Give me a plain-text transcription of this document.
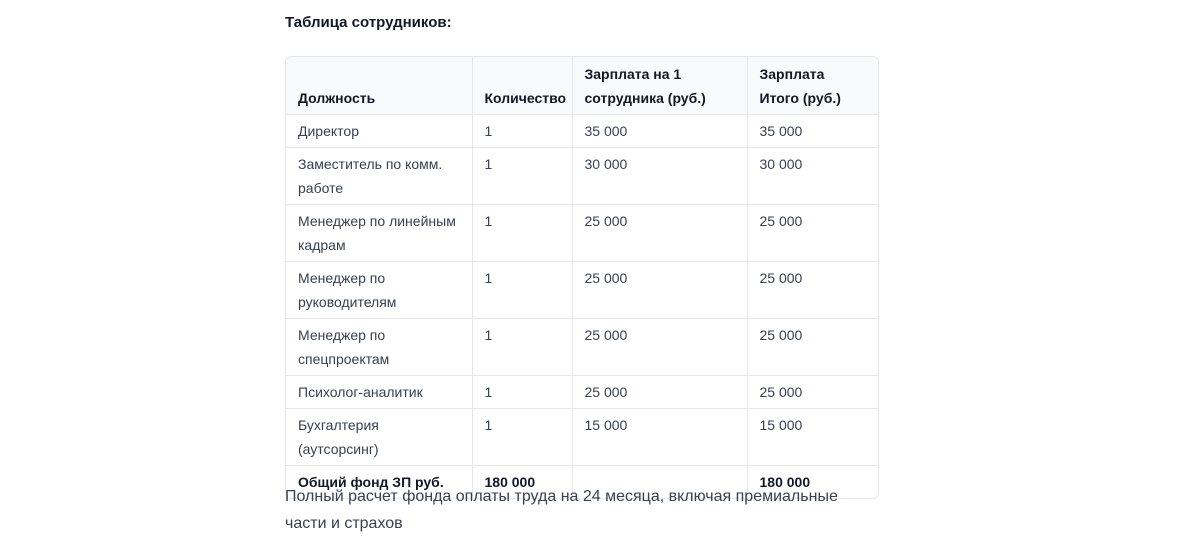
Таблица сотрудников:
Должность	Количество	Зарплата на 1 сотрудника (руб.)	Зарплата Итого (руб.)
Директор	1	35 000	35 000
Заместитель по комм. работе	1	30 000	30 000
Менеджер по линейным кадрам	1	25 000	25 000
Менеджер по руководителям	1	25 000	25 000
Менеджер по спецпроектам	1	25 000	25 000
Психолог-аналитик	1	25 000	25 000
Бухгалтерия (аутсорсинг)	1	15 000	15 000
Общий фонд ЗП руб.	180 000		180 000
Полный расчет фонда оплаты труда на 24 месяца, включая премиальные части и страхов
